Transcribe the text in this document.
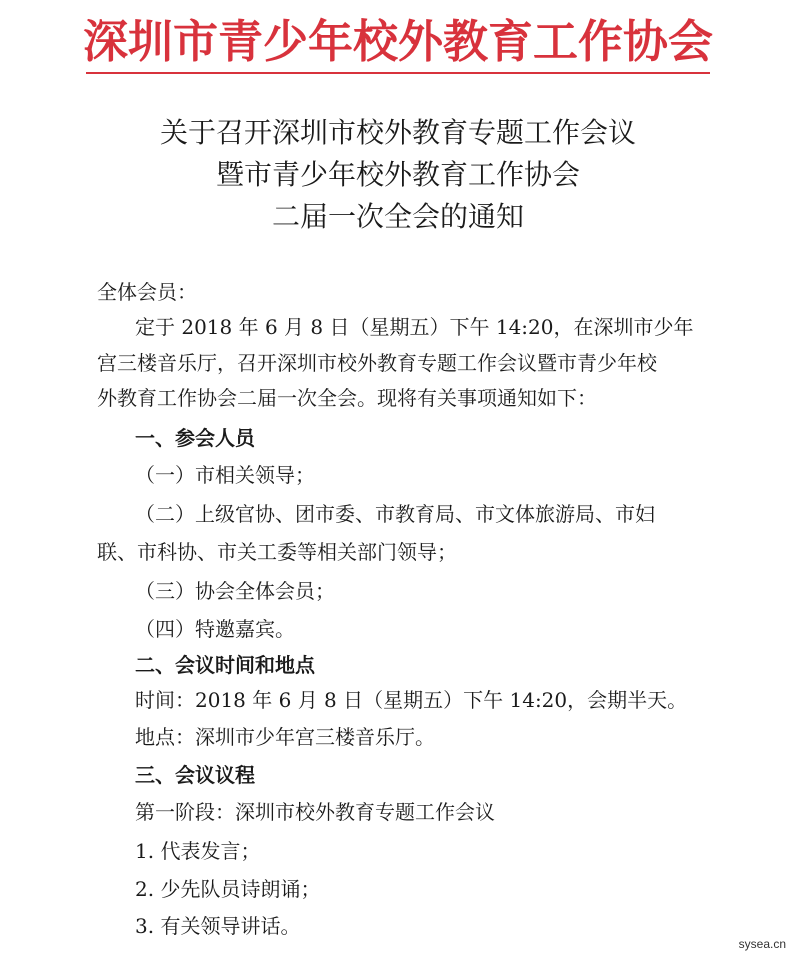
深圳市青少年校外教育工作协会
关于召开深圳市校外教育专题工作会议
暨市青少年校外教育工作协会
二届一次全会的通知
全体会员：
定于 2018 年 6 月 8 日（星期五）下午 14:20，在深圳市少年
宫三楼音乐厅，召开深圳市校外教育专题工作会议暨市青少年校
外教育工作协会二届一次全会。现将有关事项通知如下：
一、参会人员
（一）市相关领导；
（二）上级官协、团市委、市教育局、市文体旅游局、市妇
联、市科协、市关工委等相关部门领导；
（三）协会全体会员；
（四）特邀嘉宾。
二、会议时间和地点
时间：2018 年 6 月 8 日（星期五）下午 14:20，会期半天。
地点：深圳市少年宫三楼音乐厅。
三、会议议程
第一阶段：深圳市校外教育专题工作会议
1. 代表发言；
2. 少先队员诗朗诵；
3. 有关领导讲话。
sysea.cn
